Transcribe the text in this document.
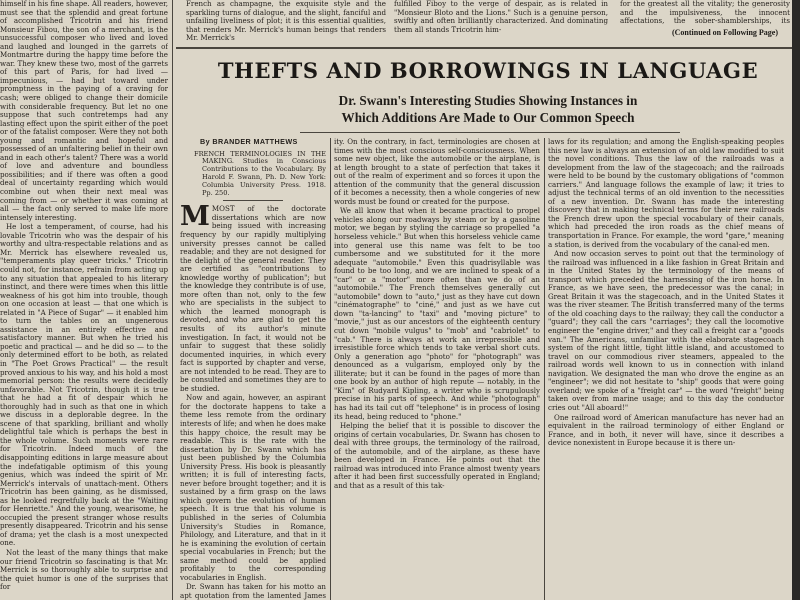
French as champagne, the exquisite style and the sparkling turns of dialogue, and the slight, fanciful and unfailing liveliness of plot; it is this essential qualities, that renders Mr. Merrick's human beings that renders Mr. Merrick's
fulfilled Fiboy to the verge of despair, as is related in "Monsieur Bloto and the Lions." Such is a genuine person, swiftly and often brilliantly characterized. And dominating them all stands Tricotrin him-
for the greatest all the vitality; the generosity and the impulsiveness, the innocent affectations, the sober-shamblerships, its
(Continued on Following Page)

himself in his fine shape. All readers, however, must see that the splendid and great fortune of accomplished Tricotrin and his friend Monsieur Fibou, the son of a merchant, is the unsuccessful composer who lived and loved and laughed and lounged in the garrets of Montmartre during the happy time before the war. They knew these two, most of the garrets of this part of Paris, for had lived — impecunious, — had but toward under promptness in the paying of a craving for cash; were obliged to change their domicile with considerable frequency. But let no one suppose that such contretemps had any lasting effect upon the spirit either of the poet or of the fatalist composer. Were they not both young and romantic and hopeful and possessed of an unfaltering belief in their own and in each other's talent? There was a world of love and adventure and boundless possibilities; and if there was often a good deal of uncertainty regarding which would combine out when their next meal was coming from — or whether it was coming at all — the fact only served to make life more intensely interesting.

He lost a temperament, of course, had his lovable Tricotrin who was the despair of his worthy and ultra-respectable relations and as Mr. Merrick has elsewhere revealed us, "temperaments play queer tricks." Tricotrin could not, for instance, refrain from acting up to any situation that appealed to his literary instinct, and there were times when this little weakness of his got him into trouble, though on one occasion at least — that one which is related in "A Piece of Sugar" — it enabled him to turn the tables on an ungenerous assistance in an entirely effective and satisfactory manner. But when he tried his poetic and practical — and he did so — to the only determined effort to be both, as related in "The Poet Grows Practical" — the result proved anxious to his way, and his hold a most memorial person: the results were decidedly unfavorable. Not Tricotrin, though it is true that he had a fit of despair which he thoroughly had in such as that one in which we discuss in a deplorable degree. In the scene of that sparkling, brilliant and wholly delightful tale which is perhaps the best in the whole volume. Such moments were rare for Tricotrin. Indeed much of the disappointing editions in large measure about the indefatigable optimism of this young genius, which was indeed the spirit of Mr. Merrick's intervals of unattach-ment. Others Tricotrin has been gaining, as he dismissed, as he looked regretfully back at the "Waiting for Henriette." And the young, wearisome, he occupied the present stranger whose results presently disappeared. Tricotrin and his sense of drama; yet the clash is a most unexpected one.

Not the least of the many things that make our friend Tricotrin so fascinating is that Mr. Merrick is so thoroughly able to surprise and the quiet humor is one of the surprises that for

THEFTS AND BORROWINGS IN LANGUAGE
Dr. Swann's Interesting Studies Showing Instances in
Which Additions Are Made to Our Common Speech
By BRANDER MATTHEWS
FRENCH TERMINOLOGIES IN THE MAKING. Studies in Conscious Contributions to the Vocabulary. By Harold F. Swann, Ph. D. New York: Columbia University Press. 1918. Pp. 250.

MMOST of the doctorate dissertations which are now being issued with increasing frequency by our rapidly multiplying university presses cannot be called readable; and they are not designed for the delight of the general reader. They are certified as "contributions to knowledge worthy of publication"; but the knowledge they contribute is of use, more often than not, only to the few who are specialists in the subject to which the learned monograph is devoted, and who are glad to get the results of its author's minute investigation. In fact, it would not be unfair to suggest that these solidly documented inquiries, in which every fact is supported by chapter and verse, are not intended to be read. They are to be consulted and sometimes they are to be studied.

Now and again, however, an aspirant for the doctorate happens to take a theme less remote from the ordinary interests of life; and when he does make this happy choice, the result may be readable. This is the rate with the dissertation by Dr. Swann which has just been published by the Columbia University Press. His book is pleasantly written; it is full of interesting facts, never before brought together; and it is sustained by a firm grasp on the laws which govern the evolution of human speech. It is true that his volume is published in the series of Columbia University's Studies in Romance, Philology, and Literature, and that in it he is examining the evolution of certain special vocabularies in French; but the same method could be applied profitably to the corresponding vocabularies in English.

Dr. Swann has taken for his motto an apt quotation from the lamented James

ity. On the contrary, in fact, terminologies are chosen at times with the most conscious self-consciousness. When some new object, like the automobile or the airplane, is at length brought to a state of perfection that takes it out of the realm of experiment and so forces it upon the attention of the community that the general discussion of it becomes a necessity, then a whole congeries of new words must be found or created for the purpose.

We all know that when it became practical to propel vehicles along our roadways by steam or by a gasoline motor, we began by styling the carriage so propelled "a horseless vehicle." But when this horseless vehicle came into general use this name was felt to be too cumbersome and we substituted for it the more adequate "automobile." Even this quadrisyllable was found to be too long, and we are inclined to speak of a "car" or a "motor" more often than we do of an "automobile." The French themselves generally cut "automobile" down to "auto," just as they have cut down "cinématographe" to "ciné," and just as we have cut down "ta-lancing" to "taxi" and "moving picture" to "movie," just as our ancestors of the eighteenth century cut down "mobile vulgus" to "mob" and "cabriolet" to "cab." There is always at work an irrepressible and irresistible force which tends to take verbal short cuts. Only a generation ago "photo" for "photograph" was denounced as a vulgarism, employed only by the illiterate; but it can be found in the pages of more than one book by an author of high repute — notably, in the "Kim" of Rudyard Kipling, a writer who is scrupulously precise in his parts of speech. And while "photograph" has had its tail cut off "telephone" is in process of losing its head, being reduced to "phone."

Helping the belief that it is possible to discover the origins of certain vocabularies, Dr. Swann has chosen to deal with three groups, the terminology of the railroad, of the automobile, and of the airplane, as these have been developed in France. He points out that the railroad was introduced into France almost twenty years after it had been first successfully operated in England; and that as a result of this tak-

laws for its regulation; and among the English-speaking peoples this new law is always an extension of an old law modified to suit the novel conditions. Thus the law of the railroads was a development from the law of the stagecoach; and the railroads were held to be bound by the customary obligations of "common carriers." And language follows the example of law; it tries to adjust the technical terms of an old invention to the necessities of a new invention. Dr. Swann has made the interesting discovery that in making technical terms for their new railroads the French drew upon the special vocabulary of their canals, which had preceded the iron roads as the chief means of transportation in France. For example, the word "gare," meaning a station, is derived from the vocabulary of the canal-ed men.

And now occasion serves to point out that the terminology of the railroad was influenced in a like fashion in Great Britain and in the United States by the terminology of the means of transport which preceded the harnessing of the iron horse. In France, as we have seen, the predecessor was the canal; in Great Britain it was the stagecoach, and in the United States it was the river steamer. The British transferred many of the terms of the old coaching days to the railway; they call the conductor a "guard"; they call the cars "carriages"; they call the locomotive engineer the "engine driver," and they call a freight car a "goods van." The Americans, unfamiliar with the elaborate stagecoach system of the right little, tight little island, and accustomed to travel on our commodious river steamers, appealed to the railroad words well known to us in connection with inland navigation. We designated the man who drove the engine as an "engineer"; we did not hesitate to "ship" goods that were going overland; we spoke of a "freight car" — the word "freight" being taken over from marine usage; and to this day the conductor cries out "All aboard!"

One railroad word of American manufacture has never had an equivalent in the railroad terminology of either England or France, and in both, it never will have, since it describes a device nonexistent in Europe because it is there un-
